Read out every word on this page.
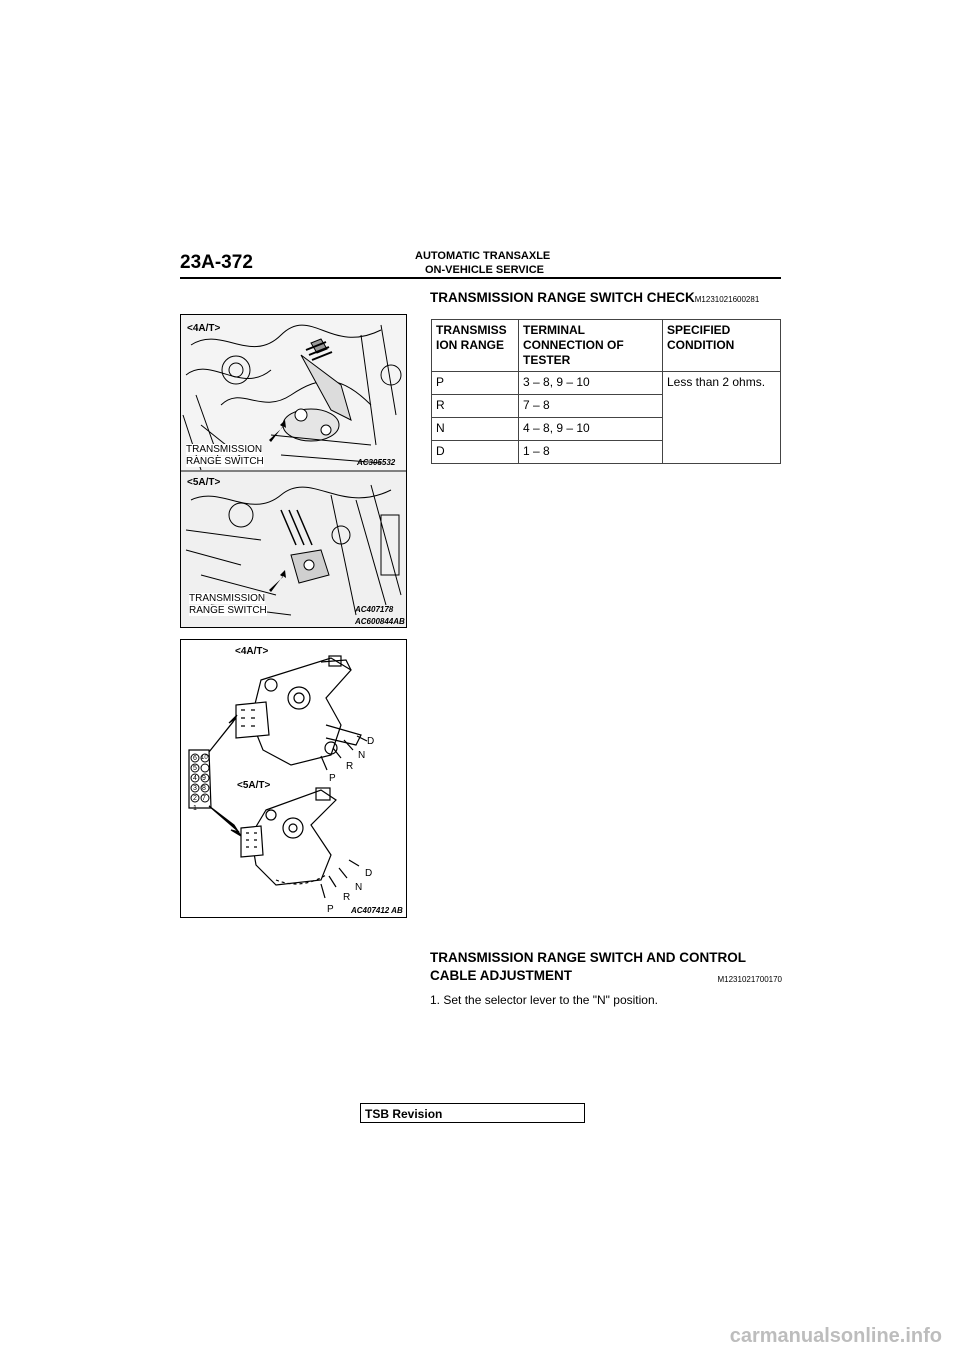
23A-372	AUTOMATIC TRANSAXLE
ON-VEHICLE SERVICE
<4A/T>
TRANSMISSION
RANGE SWITCH	AC305532
<5A/T>
TRANSMISSION
RANGE SWITCH	AC407178
AC600844AB
<4A/T>
<5A/T>
D
N
R
P
D
N
R
P
6
5
4
3
2
1
10
9
8
7
AC407412 AB
TRANSMISSION RANGE SWITCH CHECKM1231021600281
TRANSMISS ION RANGE	TERMINAL CONNECTION OF TESTER	SPECIFIED CONDITION
P	3 – 8, 9 – 10	Less than 2 ohms.
R	7 – 8	
N	4 – 8, 9 – 10	
D	1 – 8	
TRANSMISSION RANGE SWITCH AND CONTROL CABLE ADJUSTMENT	M1231021700170
1. Set the selector lever to the "N" position.
TSB Revision
carmanualsonline.info
